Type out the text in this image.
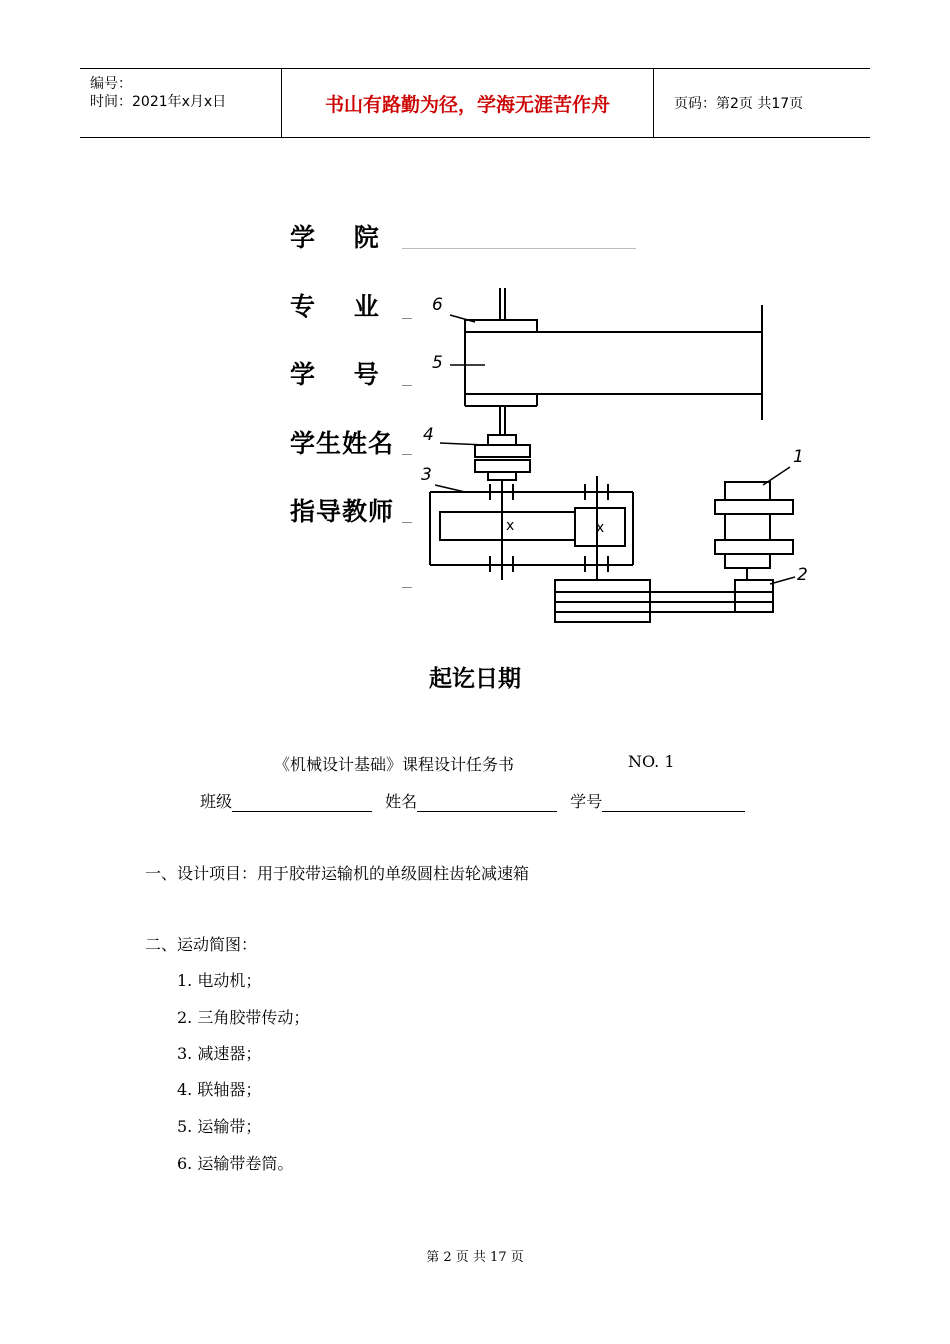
编号：
时间：2021年x月x日	书山有路勤为径，学海无涯苦作舟	页码：第2页 共17页
学 院
专 业
学 号
学生姓名
指导教师	x	x
6
5
4
3
1
2
起讫日期
《机械设计基础》课程设计任务书	NO. 1
班级	姓名	学号
一、设计项目：用于胶带运输机的单级圆柱齿轮减速箱
二、运动简图：
1. 电动机；
2. 三角胶带传动；
3. 减速器；
4. 联轴器；
5. 运输带；
6. 运输带卷筒。
第 2 页 共 17 页
